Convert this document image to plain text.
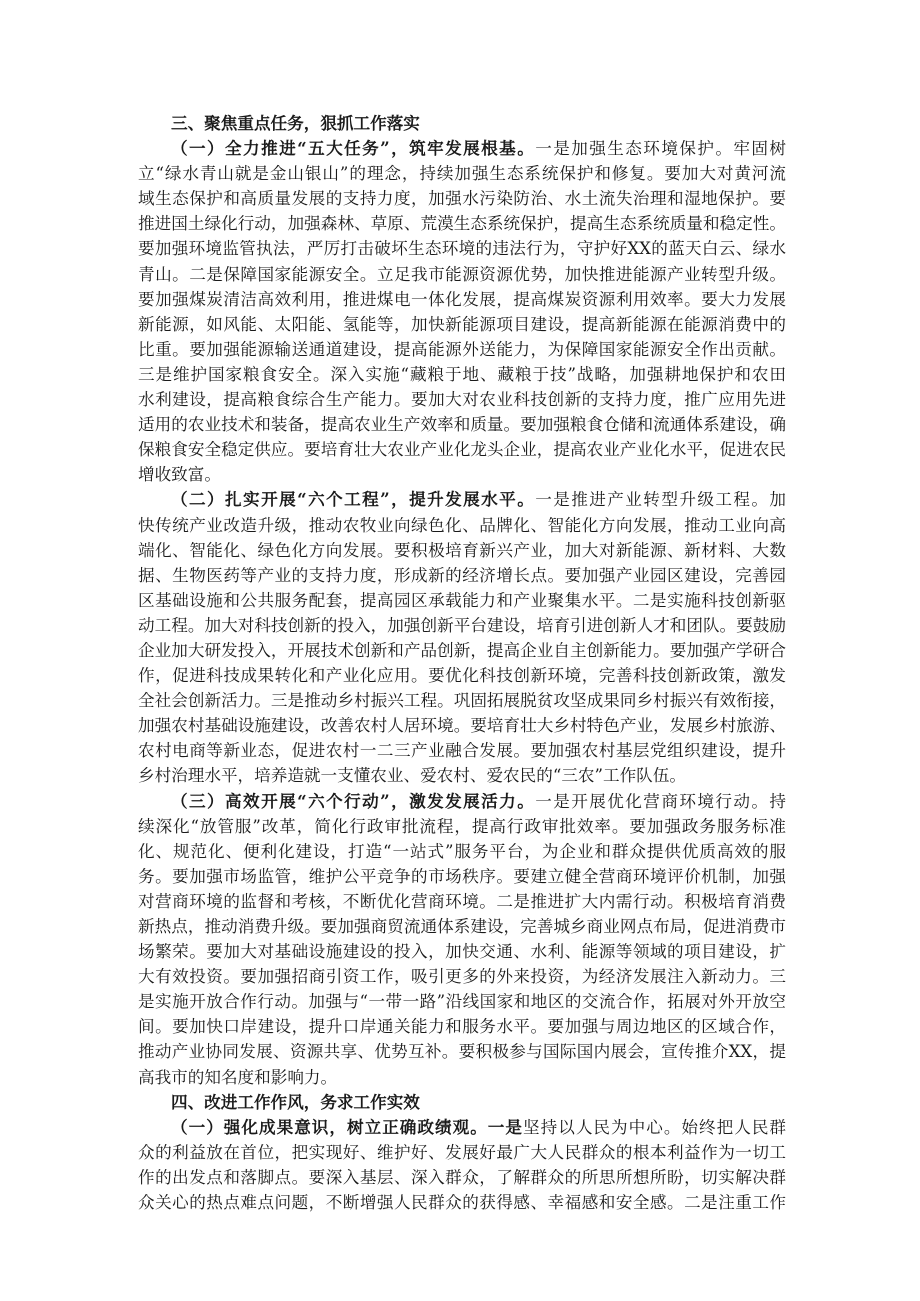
三、聚焦重点任务，狠抓工作落实
（一）全力推进“五大任务”，筑牢发展根基。一是加强生态环境保护。牢固树
立“绿水青山就是金山银山”的理念，持续加强生态系统保护和修复。要加大对黄河流
域生态保护和高质量发展的支持力度，加强水污染防治、水土流失治理和湿地保护。要
推进国土绿化行动，加强森林、草原、荒漠生态系统保护，提高生态系统质量和稳定性。
要加强环境监管执法，严厉打击破坏生态环境的违法行为，守护好XX的蓝天白云、绿水
青山。二是保障国家能源安全。立足我市能源资源优势，加快推进能源产业转型升级。
要加强煤炭清洁高效利用，推进煤电一体化发展，提高煤炭资源利用效率。要大力发展
新能源，如风能、太阳能、氢能等，加快新能源项目建设，提高新能源在能源消费中的
比重。要加强能源输送通道建设，提高能源外送能力，为保障国家能源安全作出贡献。
三是维护国家粮食安全。深入实施“藏粮于地、藏粮于技”战略，加强耕地保护和农田
水利建设，提高粮食综合生产能力。要加大对农业科技创新的支持力度，推广应用先进
适用的农业技术和装备，提高农业生产效率和质量。要加强粮食仓储和流通体系建设，确
保粮食安全稳定供应。要培育壮大农业产业化龙头企业，提高农业产业化水平，促进农民
增收致富。
（二）扎实开展“六个工程”，提升发展水平。一是推进产业转型升级工程。加
快传统产业改造升级，推动农牧业向绿色化、品牌化、智能化方向发展，推动工业向高
端化、智能化、绿色化方向发展。要积极培育新兴产业，加大对新能源、新材料、大数
据、生物医药等产业的支持力度，形成新的经济增长点。要加强产业园区建设，完善园
区基础设施和公共服务配套，提高园区承载能力和产业聚集水平。二是实施科技创新驱
动工程。加大对科技创新的投入，加强创新平台建设，培育引进创新人才和团队。要鼓励
企业加大研发投入，开展技术创新和产品创新，提高企业自主创新能力。要加强产学研合
作，促进科技成果转化和产业化应用。要优化科技创新环境，完善科技创新政策，激发
全社会创新活力。三是推动乡村振兴工程。巩固拓展脱贫攻坚成果同乡村振兴有效衔接，
加强农村基础设施建设，改善农村人居环境。要培育壮大乡村特色产业，发展乡村旅游、
农村电商等新业态，促进农村一二三产业融合发展。要加强农村基层党组织建设，提升
乡村治理水平，培养造就一支懂农业、爱农村、爱农民的“三农”工作队伍。
（三）高效开展“六个行动”，激发发展活力。一是开展优化营商环境行动。持
续深化“放管服”改革，简化行政审批流程，提高行政审批效率。要加强政务服务标准
化、规范化、便利化建设，打造“一站式”服务平台，为企业和群众提供优质高效的服
务。要加强市场监管，维护公平竞争的市场秩序。要建立健全营商环境评价机制，加强
对营商环境的监督和考核，不断优化营商环境。二是推进扩大内需行动。积极培育消费
新热点，推动消费升级。要加强商贸流通体系建设，完善城乡商业网点布局，促进消费市
场繁荣。要加大对基础设施建设的投入，加快交通、水利、能源等领域的项目建设，扩
大有效投资。要加强招商引资工作，吸引更多的外来投资，为经济发展注入新动力。三
是实施开放合作行动。加强与“一带一路”沿线国家和地区的交流合作，拓展对外开放空
间。要加快口岸建设，提升口岸通关能力和服务水平。要加强与周边地区的区域合作，
推动产业协同发展、资源共享、优势互补。要积极参与国际国内展会，宣传推介XX，提
高我市的知名度和影响力。
四、改进工作作风，务求工作实效
（一）强化成果意识，树立正确政绩观。一是坚持以人民为中心。始终把人民群
众的利益放在首位，把实现好、维护好、发展好最广大人民群众的根本利益作为一切工
作的出发点和落脚点。要深入基层、深入群众，了解群众的所思所想所盼，切实解决群
众关心的热点难点问题，不断增强人民群众的获得感、幸福感和安全感。二是注重工作
